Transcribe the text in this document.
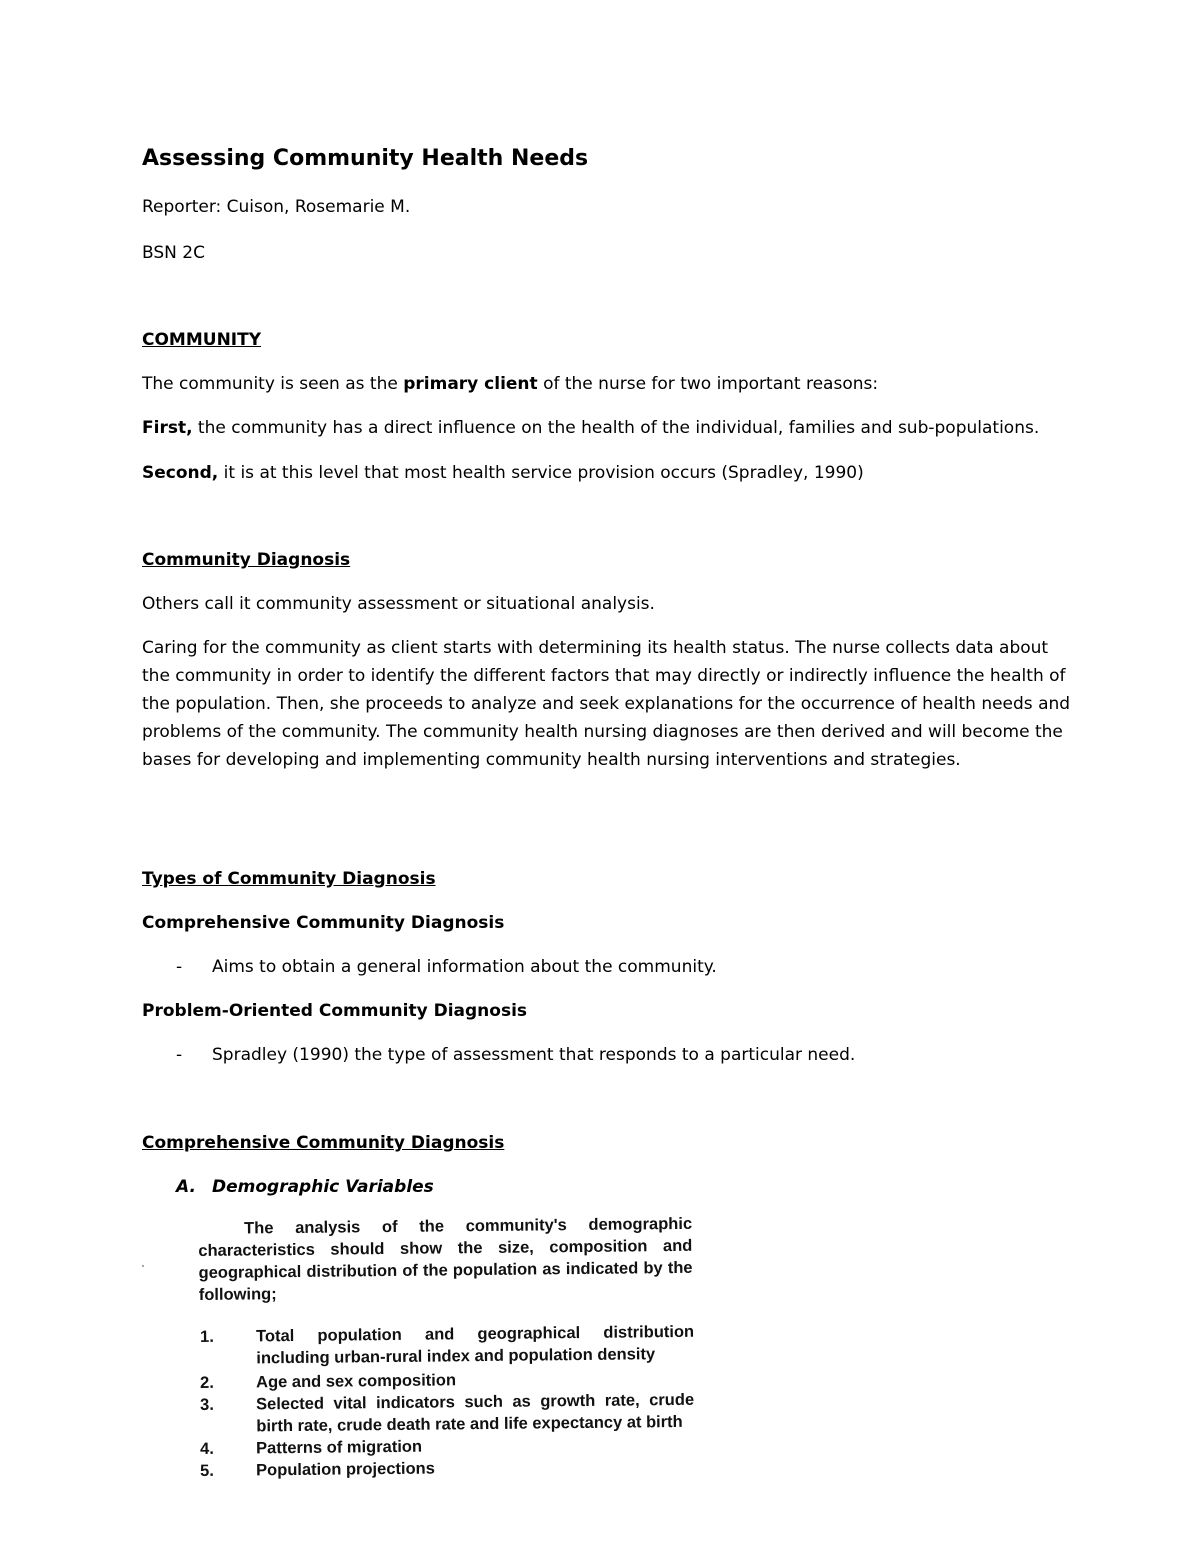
Assessing Community Health Needs
Reporter: Cuison, Rosemarie M.
BSN 2C
COMMUNITY
The community is seen as the primary client of the nurse for two important reasons:
First, the community has a direct influence on the health of the individual, families and sub-populations.
Second, it is at this level that most health service provision occurs (Spradley, 1990)
Community Diagnosis
Others call it community assessment or situational analysis.
Caring for the community as client starts with determining its health status. The nurse collects data about the community in order to identify the different factors that may directly or indirectly influence the health of the population. Then, she proceeds to analyze and seek explanations for the occurrence of health needs and problems of the community. The community health nursing diagnoses are then derived and will become the bases for developing and implementing community health nursing interventions and strategies.
Types of Community Diagnosis
Comprehensive Community Diagnosis
- Aims to obtain a general information about the community.
Problem-Oriented Community Diagnosis
- Spradley (1990) the type of assessment that responds to a particular need.
Comprehensive Community Diagnosis
A. Demographic Variables
The analysis of the community's demographic characteristics should show the size, composition and geographical distribution of the population as indicated by the following;
1.	Total population and geographical distribution including urban-rural index and population density
2.	Age and sex composition
3.	Selected vital indicators such as growth rate, crude birth rate, crude death rate and life expectancy at birth
4.	Patterns of migration
5.	Population projections
